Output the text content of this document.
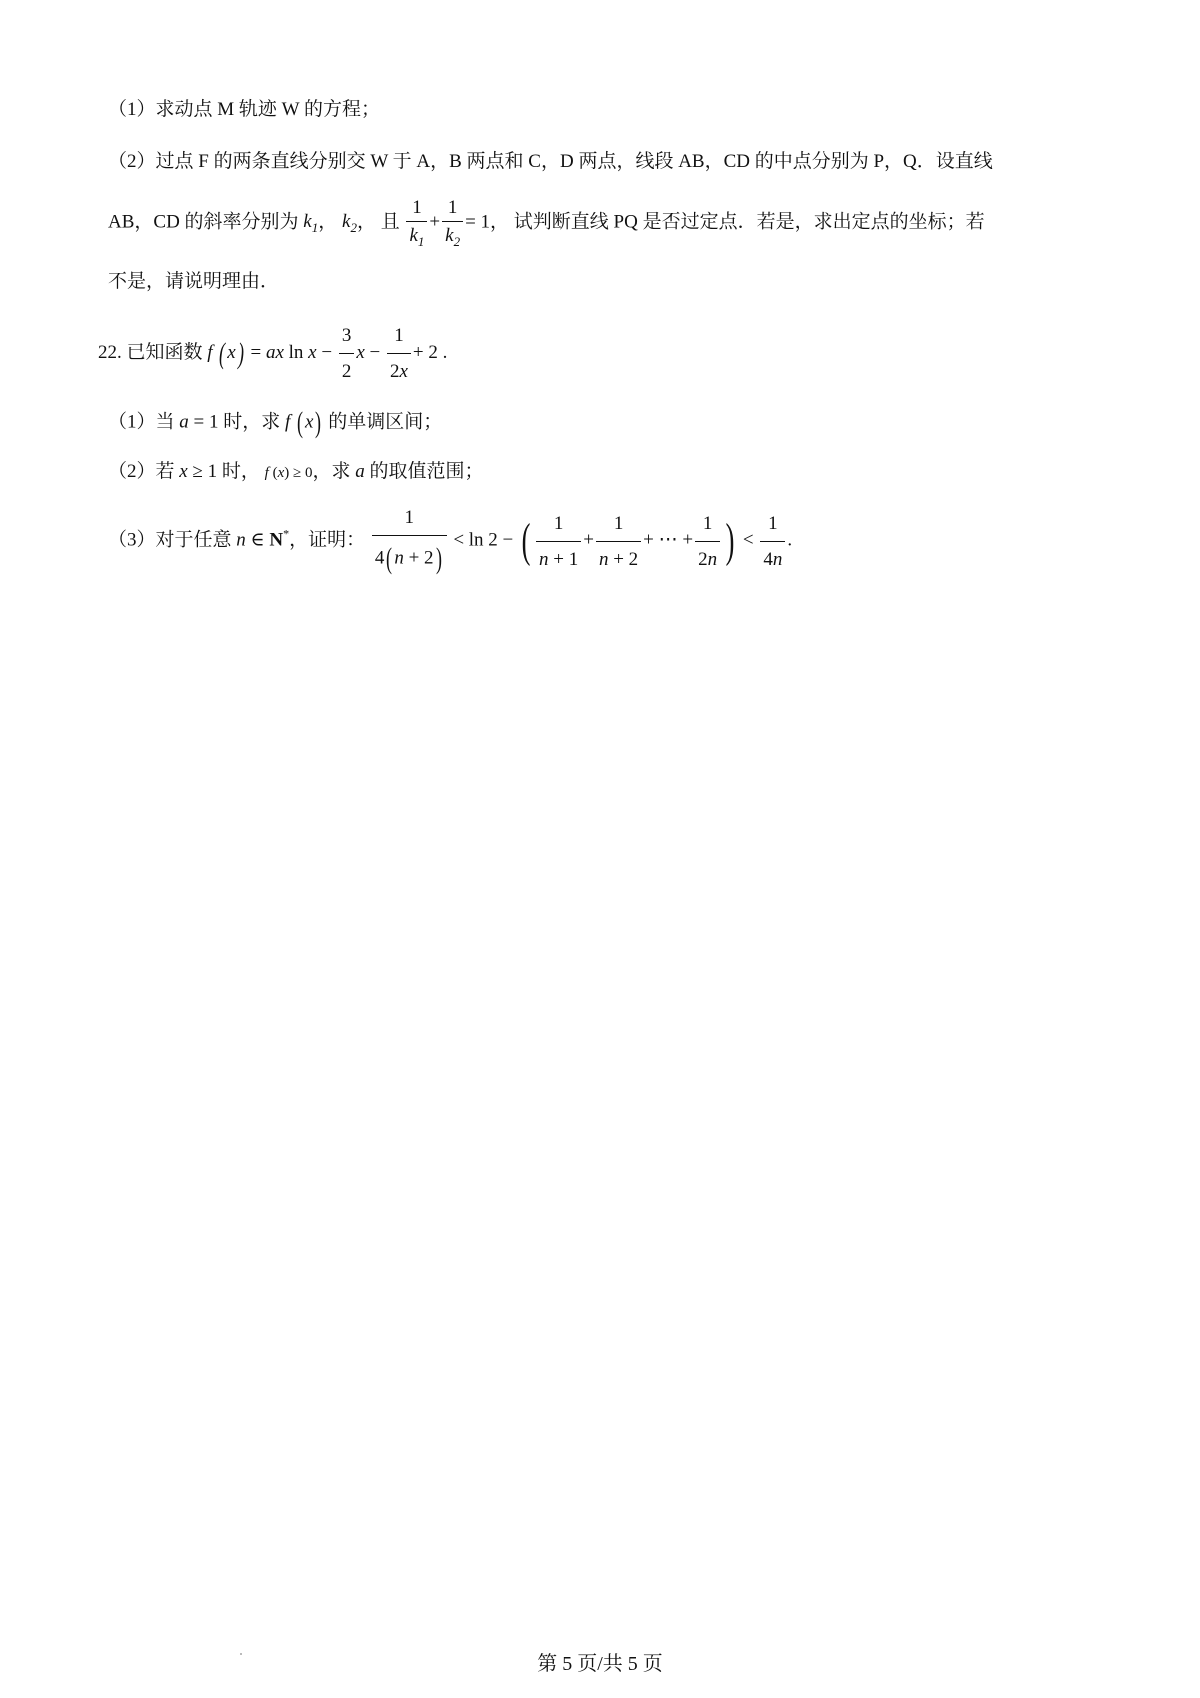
（1）求动点 M 轨迹 W 的方程；
（2）过点 F 的两条直线分别交 W 于 A，B 两点和 C，D 两点，线段 AB，CD 的中点分别为 P，Q．设直线
AB，CD 的斜率分别为 $k_1$， $k_2$， 且 $\frac{1}{k_1} + \frac{1}{k_2} = 1$， 试判断直线 PQ 是否过定点．若是，求出定点的坐标；若
不是，请说明理由．
22. 已知函数 f ( x) = ax $\ln x - \frac{3}{2}$ $x - \frac{1}{2x} + 2$ .
（1）当 a = 1 时，求 f ( x) 的单调区间；
（2）若 x ≥ 1 时， f (x) ≥ 0，求 a 的取值范围；
（3）对于任意 n ∈ N*，证明： $\frac{1}{4( n + 2)} < \ln 2$ − ( $\frac{1}{n + 1} + \frac{1}{n + 2}$ + ⋯ + $\frac{1}{2n}$ ) < $\frac{1}{4n}$ .
第 5 页/共 5 页
